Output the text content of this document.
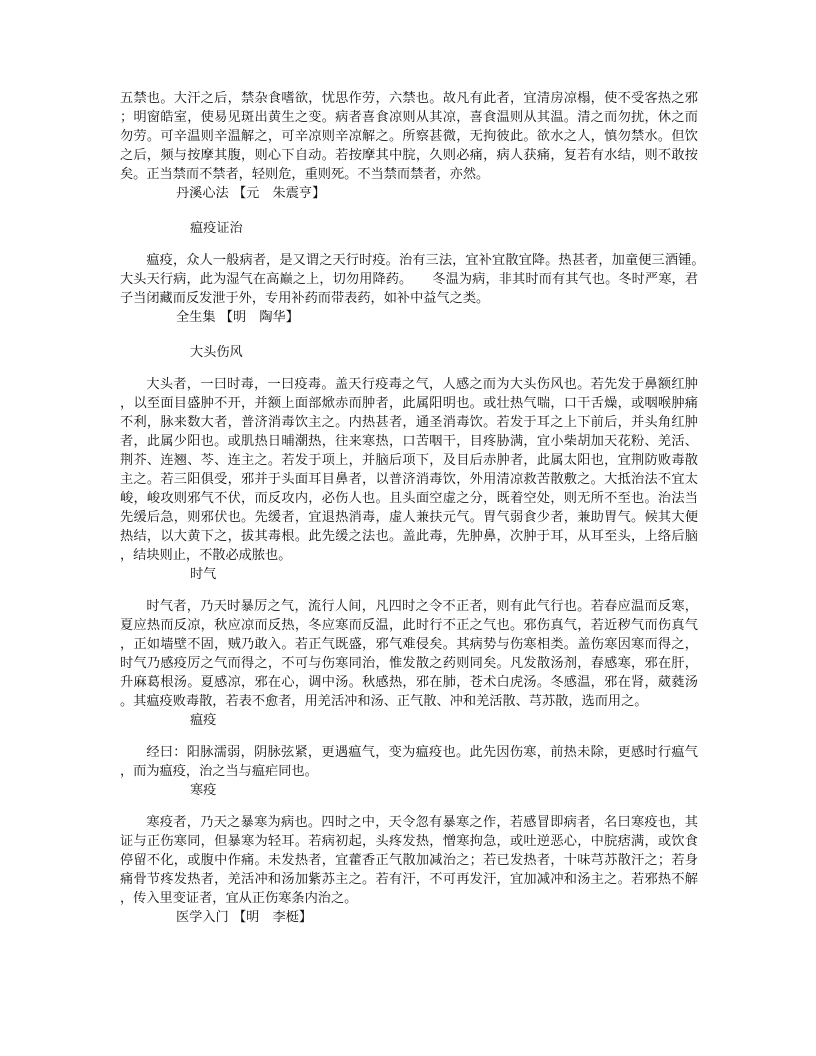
五禁也。大汗之后，禁杂食嗜欲，忧思作劳，六禁也。故凡有此者，宜清房凉榻，使不受客热之邪；明窗皓室，使易见斑出黄生之变。病者喜食凉则从其凉，喜食温则从其温。清之而勿扰，休之而勿劳。可辛温则辛温解之，可辛凉则辛凉解之。所察甚微，无拘彼此。欲水之人，慎勿禁水。但饮之后，频与按摩其腹，则心下自动。若按摩其中脘，久则必痛，病人获痛，复若有水结，则不敢按矣。正当禁而不禁者，轻则危，重则死。不当禁而禁者，亦然。

丹溪心法 【元　朱震亨】

瘟疫证治

瘟疫，众人一般病者，是又谓之天行时疫。治有三法，宜补宜散宜降。热甚者，加童便三酒锺。　　大头天行病，此为湿气在高巅之上，切勿用降药。　　冬温为病，非其时而有其气也。冬时严寒，君子当闭藏而反发泄于外，专用补药而带表药，如补中益气之类。

全生集 【明　陶华】

大头伤风

大头者，一曰时毒，一曰疫毒。盖天行疫毒之气，人感之而为大头伤风也。若先发于鼻额红肿，以至面目盛肿不开，并额上面部焮赤而肿者，此属阳明也。或壮热气喘，口干舌燥，或咽喉肿痛不利，脉来数大者，普济消毒饮主之。内热甚者，通圣消毒饮。若发于耳之上下前后，并头角红肿者，此属少阳也。或肌热日晡潮热，往来寒热，口苦咽干，目疼胁满，宜小柴胡加天花粉、羌活、荆芥、连翘、芩、连主之。若发于项上，并脑后项下，及目后赤肿者，此属太阳也，宜荆防败毒散主之。若三阳俱受，邪并于头面耳目鼻者，以普济消毒饮，外用清凉救苦散敷之。大抵治法不宜太峻，峻攻则邪气不伏，而反攻内，必伤人也。且头面空虚之分，既着空处，则无所不至也。治法当先缓后急，则邪伏也。先缓者，宜退热消毒，虚人兼扶元气。胃气弱食少者，兼助胃气。候其大便热结，以大黄下之，拔其毒根。此先缓之法也。盖此毒，先肿鼻，次肿于耳，从耳至头，上络后脑，结块则止，不散必成脓也。

时气

时气者，乃天时暴厉之气，流行人间，凡四时之令不正者，则有此气行也。若春应温而反寒，夏应热而反凉，秋应凉而反热，冬应寒而反温，此时行不正之气也。邪伤真气，若近秽气而伤真气，正如墙壁不固，贼乃敢入。若正气既盛，邪气难侵矣。其病势与伤寒相类。盖伤寒因寒而得之，时气乃感疫厉之气而得之，不可与伤寒同治，惟发散之药则同矣。凡发散汤剂，春感寒，邪在肝，升麻葛根汤。夏感凉，邪在心，调中汤。秋感热，邪在肺，苍术白虎汤。冬感温，邪在肾，葳蕤汤。其瘟疫败毒散，若表不愈者，用羌活冲和汤、正气散、冲和羌活散、芎苏散，选而用之。

瘟疫

经曰：阳脉濡弱，阴脉弦紧，更遇瘟气，变为瘟疫也。此先因伤寒，前热未除，更感时行瘟气，而为瘟疫，治之当与瘟疟同也。

寒疫

寒疫者，乃天之暴寒为病也。四时之中，天令忽有暴寒之作，若感冒即病者，名曰寒疫也，其证与正伤寒同，但暴寒为轻耳。若病初起，头疼发热，憎寒拘急，或吐逆恶心，中脘痞满，或饮食停留不化，或腹中作痛。未发热者，宜藿香正气散加减治之；若已发热者，十味芎苏散汗之；若身痛骨节疼发热者，羌活冲和汤加紫苏主之。若有汗，不可再发汗，宜加减冲和汤主之。若邪热不解，传入里变证者，宜从正伤寒条内治之。

医学入门 【明　李梃】
